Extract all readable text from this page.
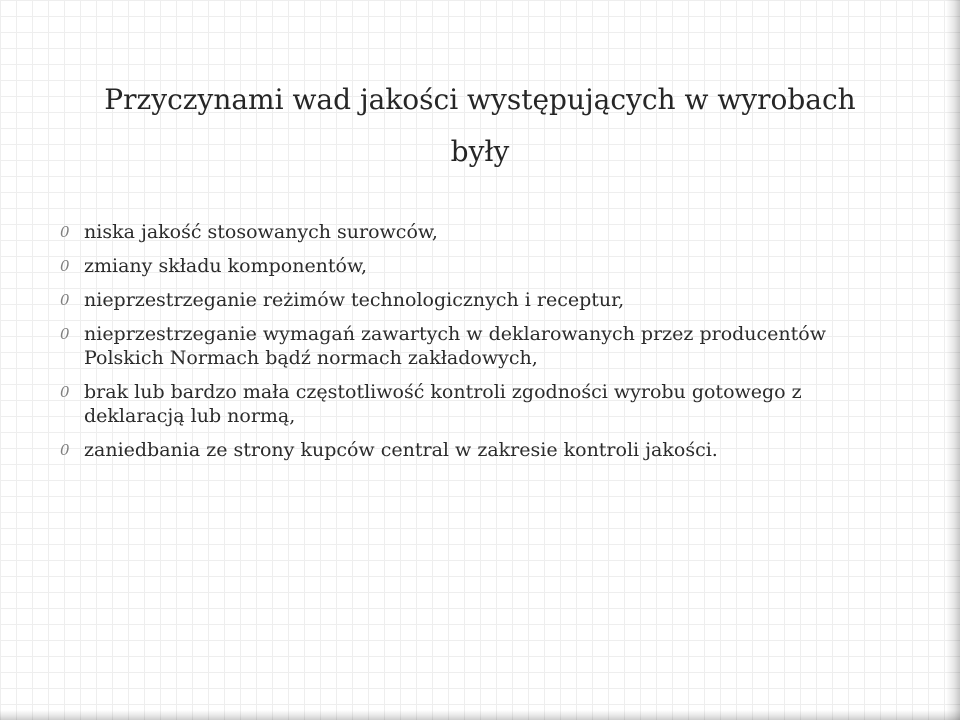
Przyczynami wad jakości występujących w wyrobach były
0 niska jakość stosowanych surowców,
0 zmiany składu komponentów,
0 nieprzestrzeganie reżimów technologicznych i receptur,
0 nieprzestrzeganie wymagań zawartych w deklarowanych przez producentów Polskich Normach bądź normach zakładowych,
0 brak lub bardzo mała częstotliwość kontroli zgodności wyrobu gotowego z deklaracją lub normą,
0 zaniedbania ze strony kupców central w zakresie kontroli jakości.
